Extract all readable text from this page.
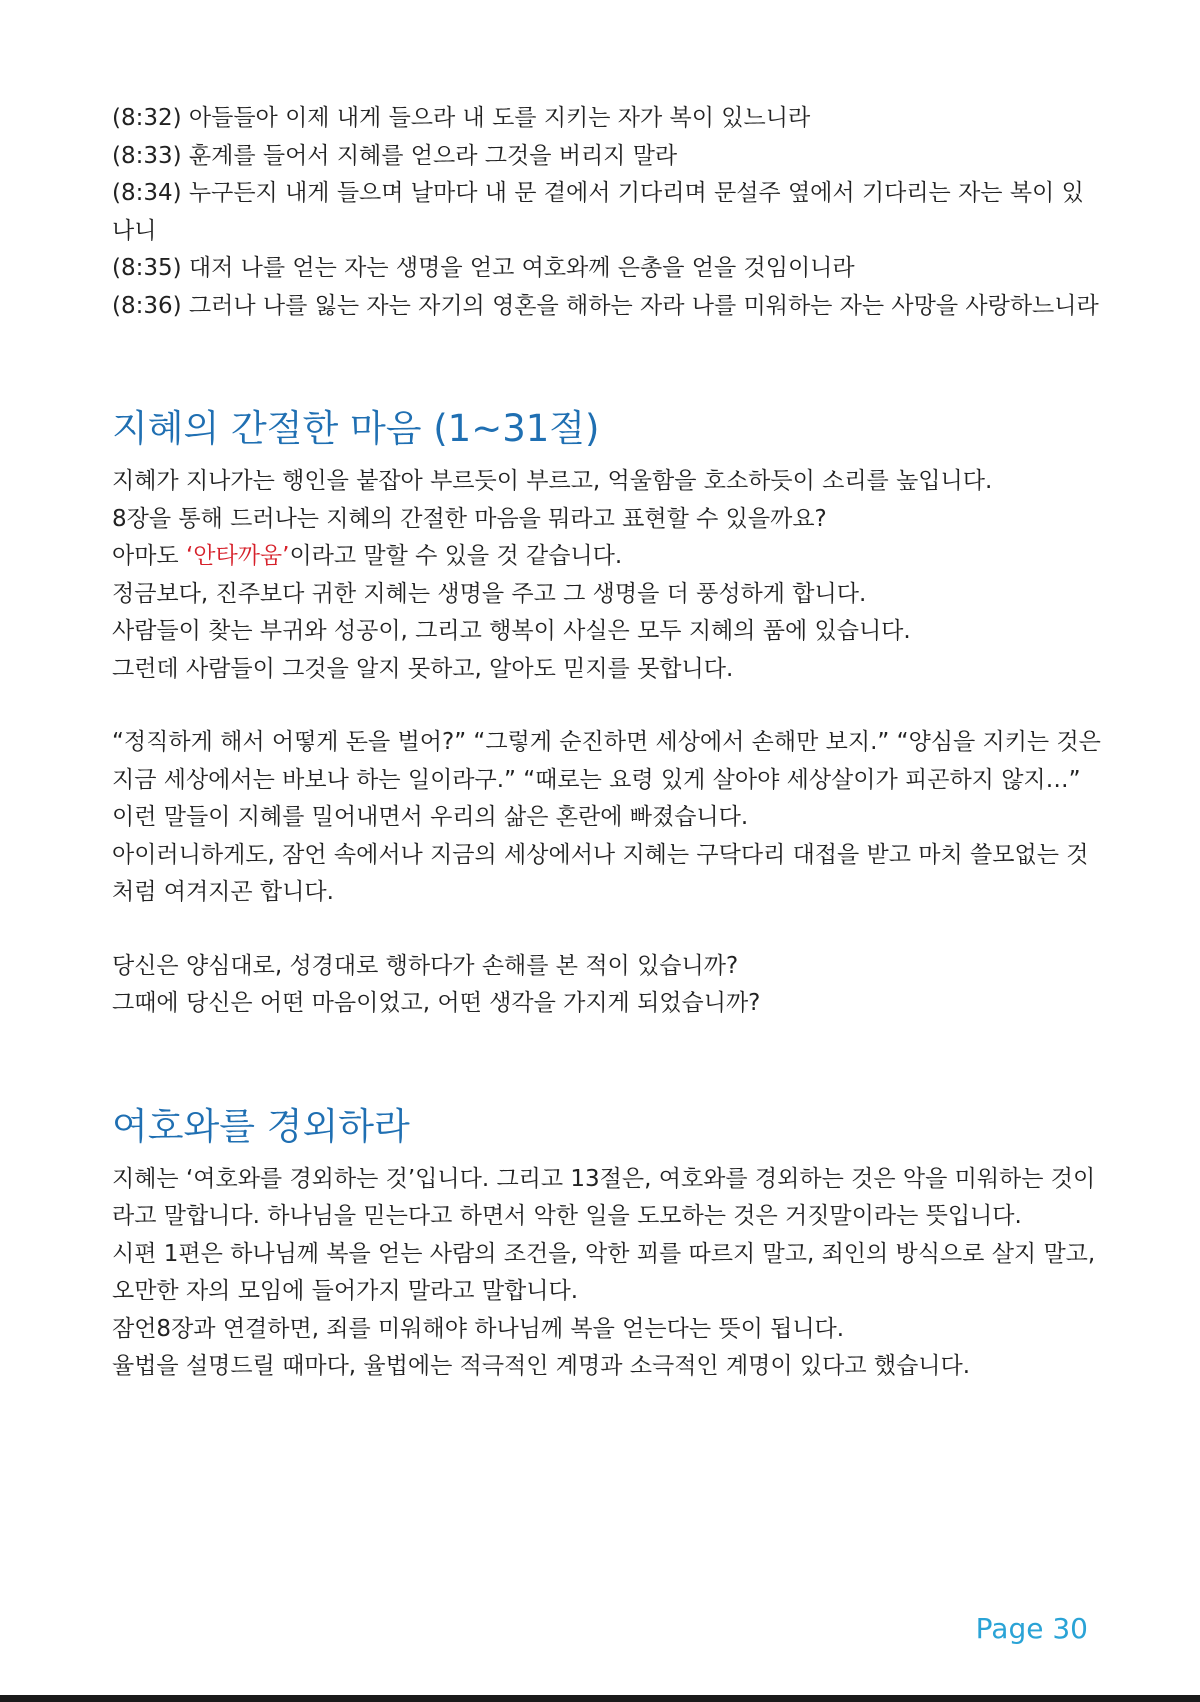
(8:32) 아들들아 이제 내게 들으라 내 도를 지키는 자가 복이 있느니라
(8:33) 훈계를 들어서 지혜를 얻으라 그것을 버리지 말라
(8:34) 누구든지 내게 들으며 날마다 내 문 곁에서 기다리며 문설주 옆에서 기다리는 자는 복이 있나니
(8:35) 대저 나를 얻는 자는 생명을 얻고 여호와께 은총을 얻을 것임이니라
(8:36) 그러나 나를 잃는 자는 자기의 영혼을 해하는 자라 나를 미워하는 자는 사망을 사랑하느니라
지혜의 간절한 마음 (1~31절)
지혜가 지나가는 행인을 붙잡아 부르듯이 부르고, 억울함을 호소하듯이 소리를 높입니다.
8장을 통해 드러나는 지혜의 간절한 마음을 뭐라고 표현할 수 있을까요?
아마도 ‘안타까움’이라고 말할 수 있을 것 같습니다.
정금보다, 진주보다 귀한 지혜는 생명을 주고 그 생명을 더 풍성하게 합니다.
사람들이 찾는 부귀와 성공이, 그리고 행복이 사실은 모두 지혜의 품에 있습니다.
그런데 사람들이 그것을 알지 못하고, 알아도 믿지를 못합니다.
“정직하게 해서 어떻게 돈을 벌어?” “그렇게 순진하면 세상에서 손해만 보지.” “양심을 지키는 것은 지금 세상에서는 바보나 하는 일이라구.” “때로는 요령 있게 살아야 세상살이가 피곤하지 않지…”
이런 말들이 지혜를 밀어내면서 우리의 삶은 혼란에 빠졌습니다.
아이러니하게도, 잠언 속에서나 지금의 세상에서나 지혜는 구닥다리 대접을 받고 마치 쓸모없는 것처럼 여겨지곤 합니다.
당신은 양심대로, 성경대로 행하다가 손해를 본 적이 있습니까?
그때에 당신은 어떤 마음이었고, 어떤 생각을 가지게 되었습니까?
여호와를 경외하라
지혜는 ‘여호와를 경외하는 것’입니다. 그리고 13절은, 여호와를 경외하는 것은 악을 미워하는 것이라고 말합니다. 하나님을 믿는다고 하면서 악한 일을 도모하는 것은 거짓말이라는 뜻입니다.
시편 1편은 하나님께 복을 얻는 사람의 조건을, 악한 꾀를 따르지 말고, 죄인의 방식으로 살지 말고, 오만한 자의 모임에 들어가지 말라고 말합니다.
잠언8장과 연결하면, 죄를 미워해야 하나님께 복을 얻는다는 뜻이 됩니다.
율법을 설명드릴 때마다, 율법에는 적극적인 계명과 소극적인 계명이 있다고 했습니다.
Page 30
